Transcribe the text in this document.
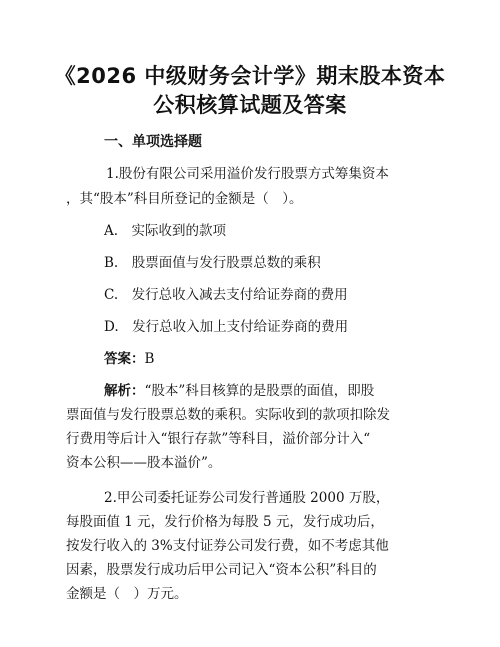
《2026 中级财务会计学》期末股本资本
公积核算试题及答案
一、单项选择题
1.股份有限公司采用溢价发行股票方式筹集资本
，其“股本”科目所登记的金额是（　）。
A.　实际收到的款项
B.　股票面值与发行股票总数的乘积
C.　发行总收入减去支付给证券商的费用
D.　发行总收入加上支付给证券商的费用
答案：B
解析：“股本”科目核算的是股票的面值，即股
票面值与发行股票总数的乘积。实际收到的款项扣除发
行费用等后计入“银行存款”等科目，溢价部分计入“
资本公积——股本溢价”。
2.甲公司委托证券公司发行普通股 2000 万股，
每股面值 1 元，发行价格为每股 5 元，发行成功后，
按发行收入的 3%支付证券公司发行费，如不考虑其他
因素，股票发行成功后甲公司记入“资本公积”科目的
金额是（　）万元。
